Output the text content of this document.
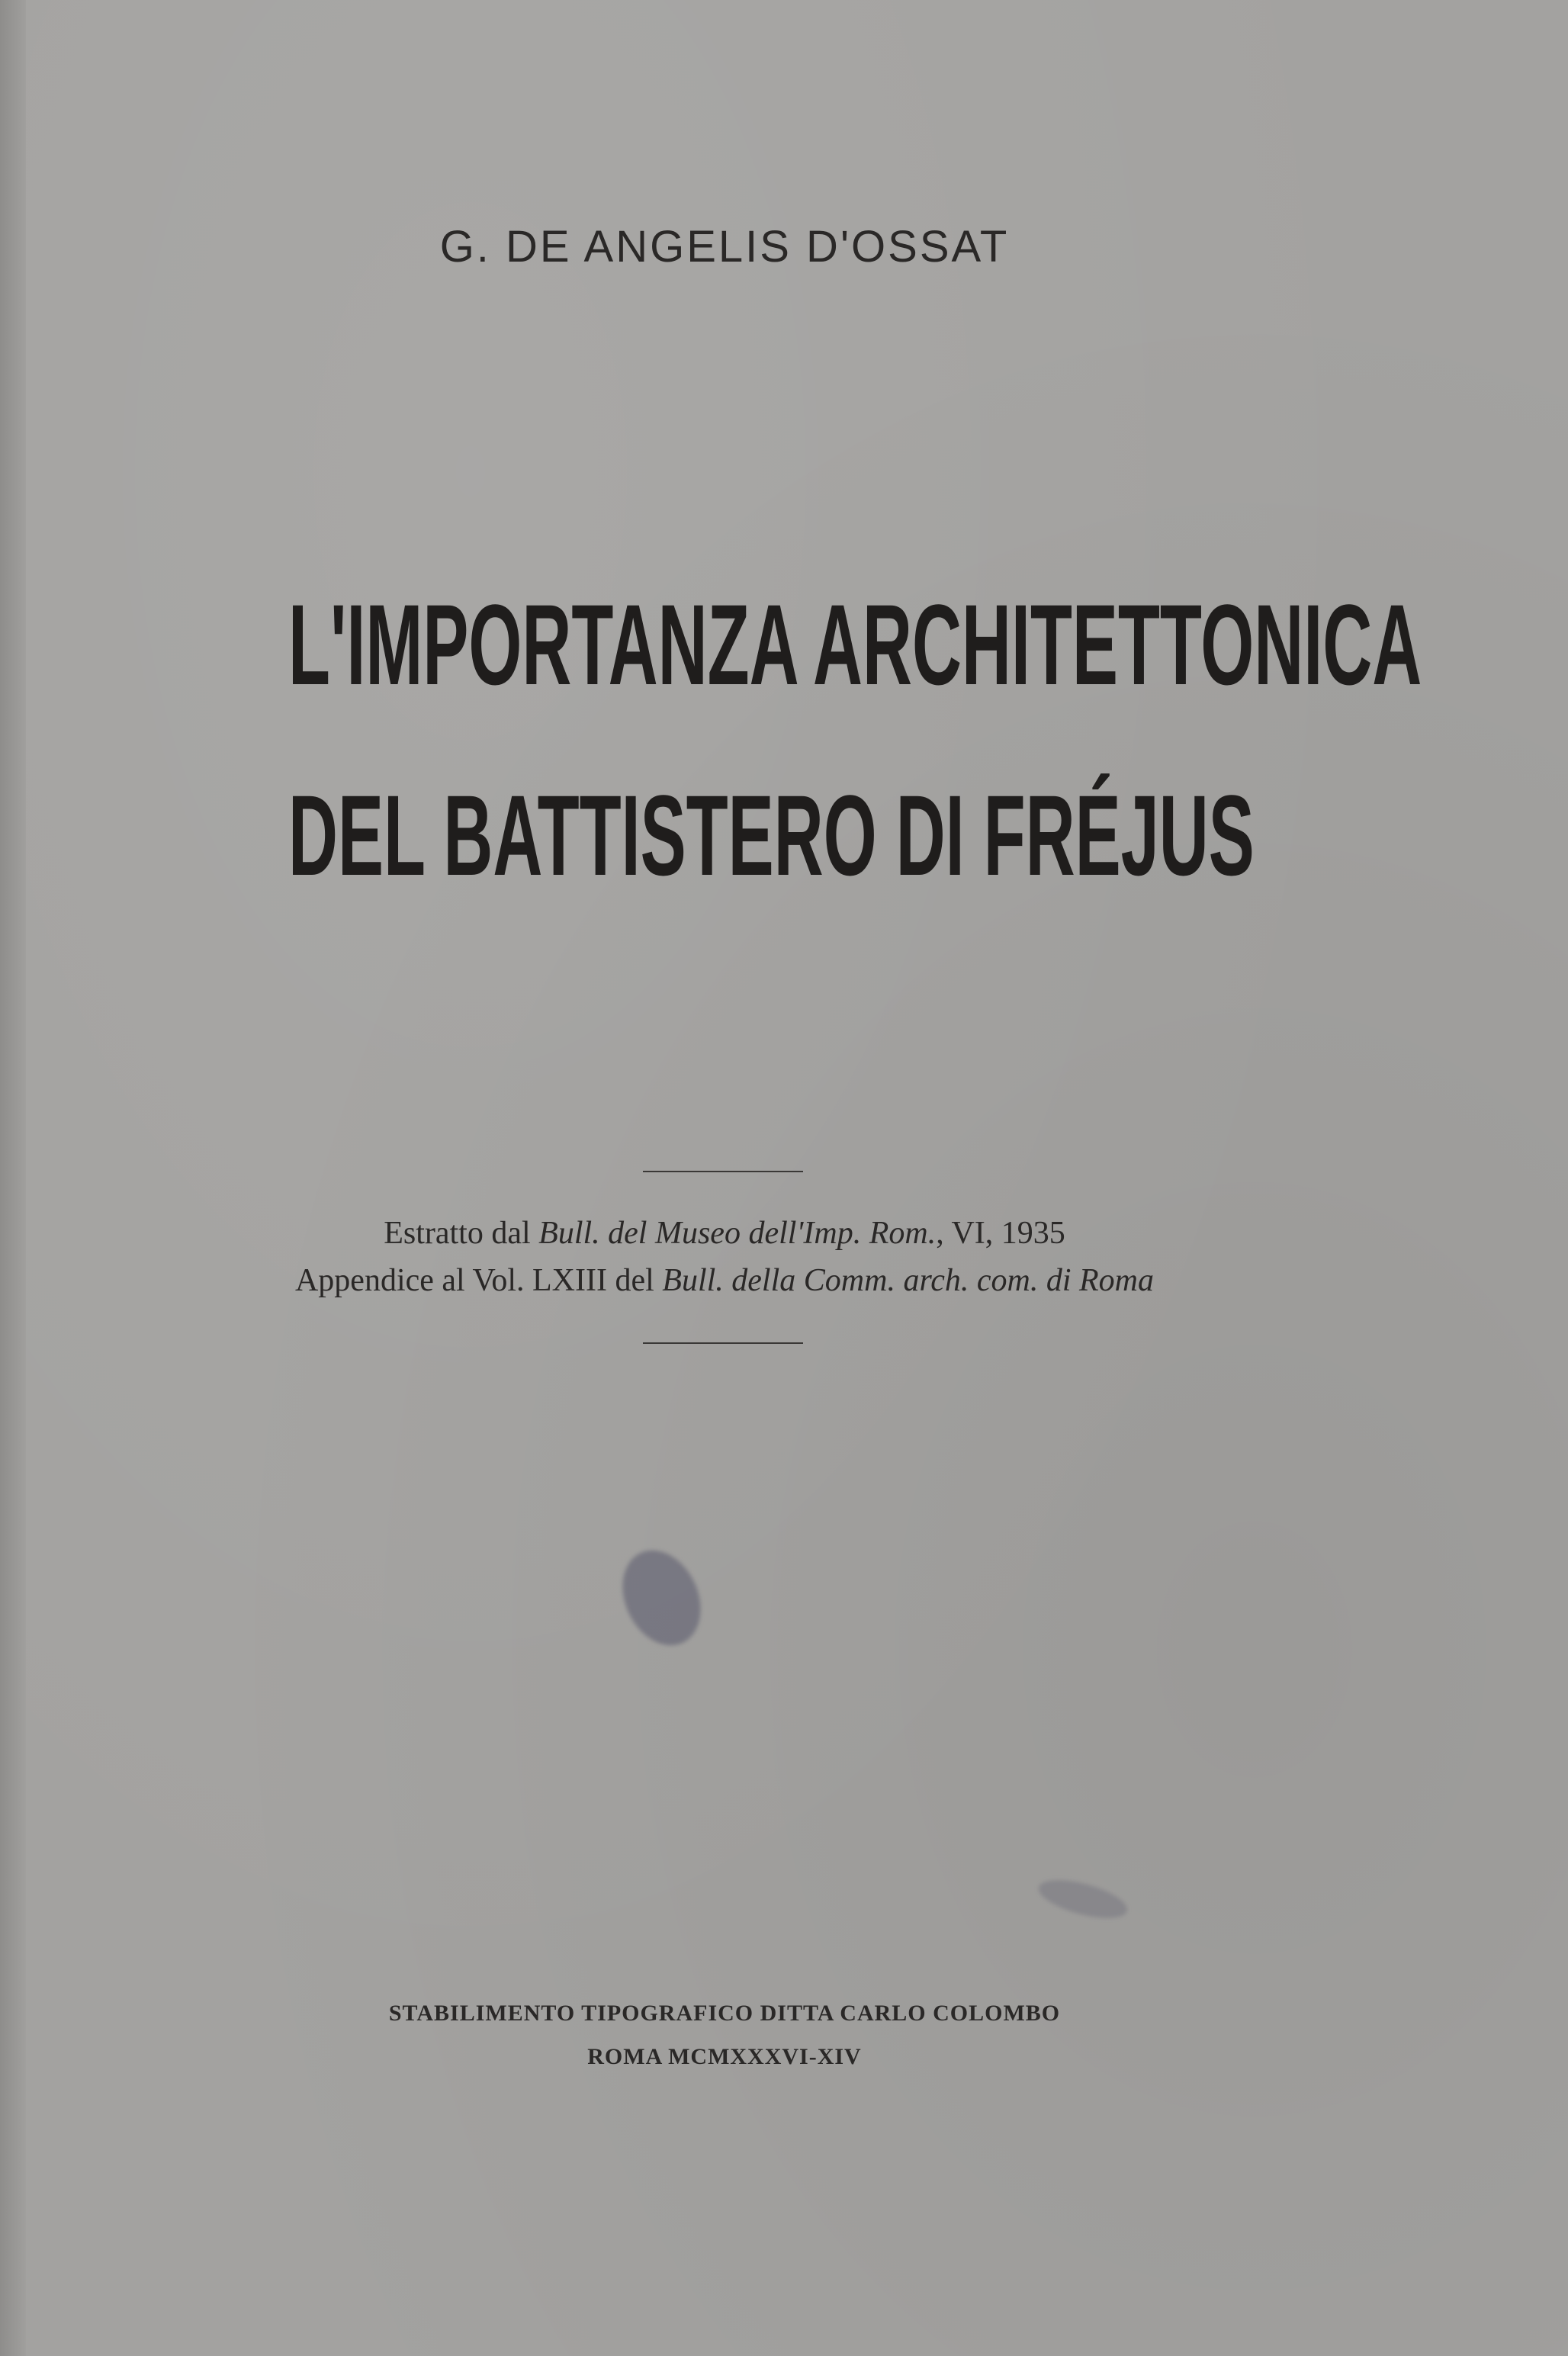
G. DE ANGELIS D'OSSAT
L'IMPORTANZA ARCHITETTONICA
DEL BATTISTERO DI FRÉJUS
Estratto dal Bull. del Museo dell'Imp. Rom., VI, 1935
Appendice al Vol. LXIII del Bull. della Comm. arch. com. di Roma
STABILIMENTO TIPOGRAFICO DITTA CARLO COLOMBO
ROMA MCMXXXVI-XIV
